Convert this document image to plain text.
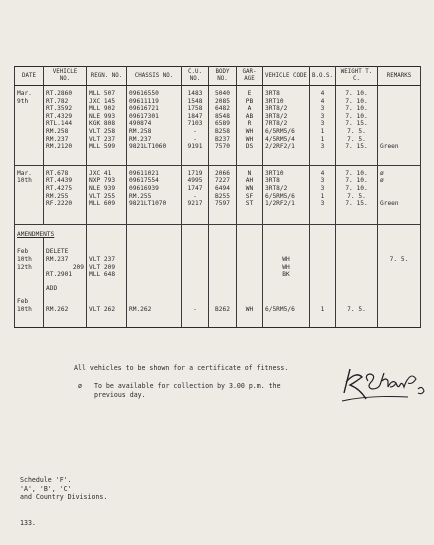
DATE	VEHICLE NO.	REGN. NO.	CHASSIS NO.	C.U. NO.	BODY NO.	GAR-AGE	VEHICLE CODE	B.O.S.	WEIGHT T. C.	REMARKS	

Mar.	RT.2860	MLL 507	09616550	1483	5040	E	3RT8	4	7. 10.		
9th	RT.782	JXC 145	09611119	1548	2085	PB	3RT10	4	7. 10.		
	RT.3592	MLL 902	09616721	1758	6482	A	3RT8/2	3	7. 10.		
	RT.4329	NLE 993	09617301	1847	8548	AB	3RT8/2	3	7. 10.		
	RTL.144	KGK 808	490874	7103	6589	R	7RT8/2	3	7. 15.		
	RM.258	VLT 258	RM.258	-	B258	WH	6/5RM5/6	1	7. 5.		
	RM.237	VLT 237	RM.237	-	B237	WH	4/5RM5/4	1	7. 5.		
	RM.2120	MLL 599	9821LT1060	9191	7570	DS	2/2RF2/1	3	7. 15.	Green	

Mar.	RT.678	JXC 41	09611021	1719	2066	N	3RT10	4	7. 10.	ø	
10th	RT.4439	NXP 793	09617554	4995	7227	AH	3RT8	3	7. 10.	ø	
	RT.4275	NLE 939	09616939	1747	6494	WN	3RT8/2	3	7. 10.		
	RM.255	VLT 255	RM.255	-	B255	SF	6/5RM5/6	1	7. 5.		
	RF.2220	MLL 609	9821LT1070	9217	7597	ST	1/2RF2/1	3	7. 15.	Green	

AMENDMENTS											

Feb	DELETE										
10th	RM.237	VLT 237					WH			7. 5.	
12th	209	VLT 209					WH				
	RT.2901	MLL 648					BK				

	ADD										

Feb											
10th	RM.262	VLT 262	RM.262	-	B262	WH	6/5RM5/6	1	7. 5.		

All vehicles to be shown for a certificate of fitness.
ø To be available for collection by 3.00 p.m. the
previous day.
Schedule 'F'.
'A', 'B', 'C'
and Country Divisions.
133.
